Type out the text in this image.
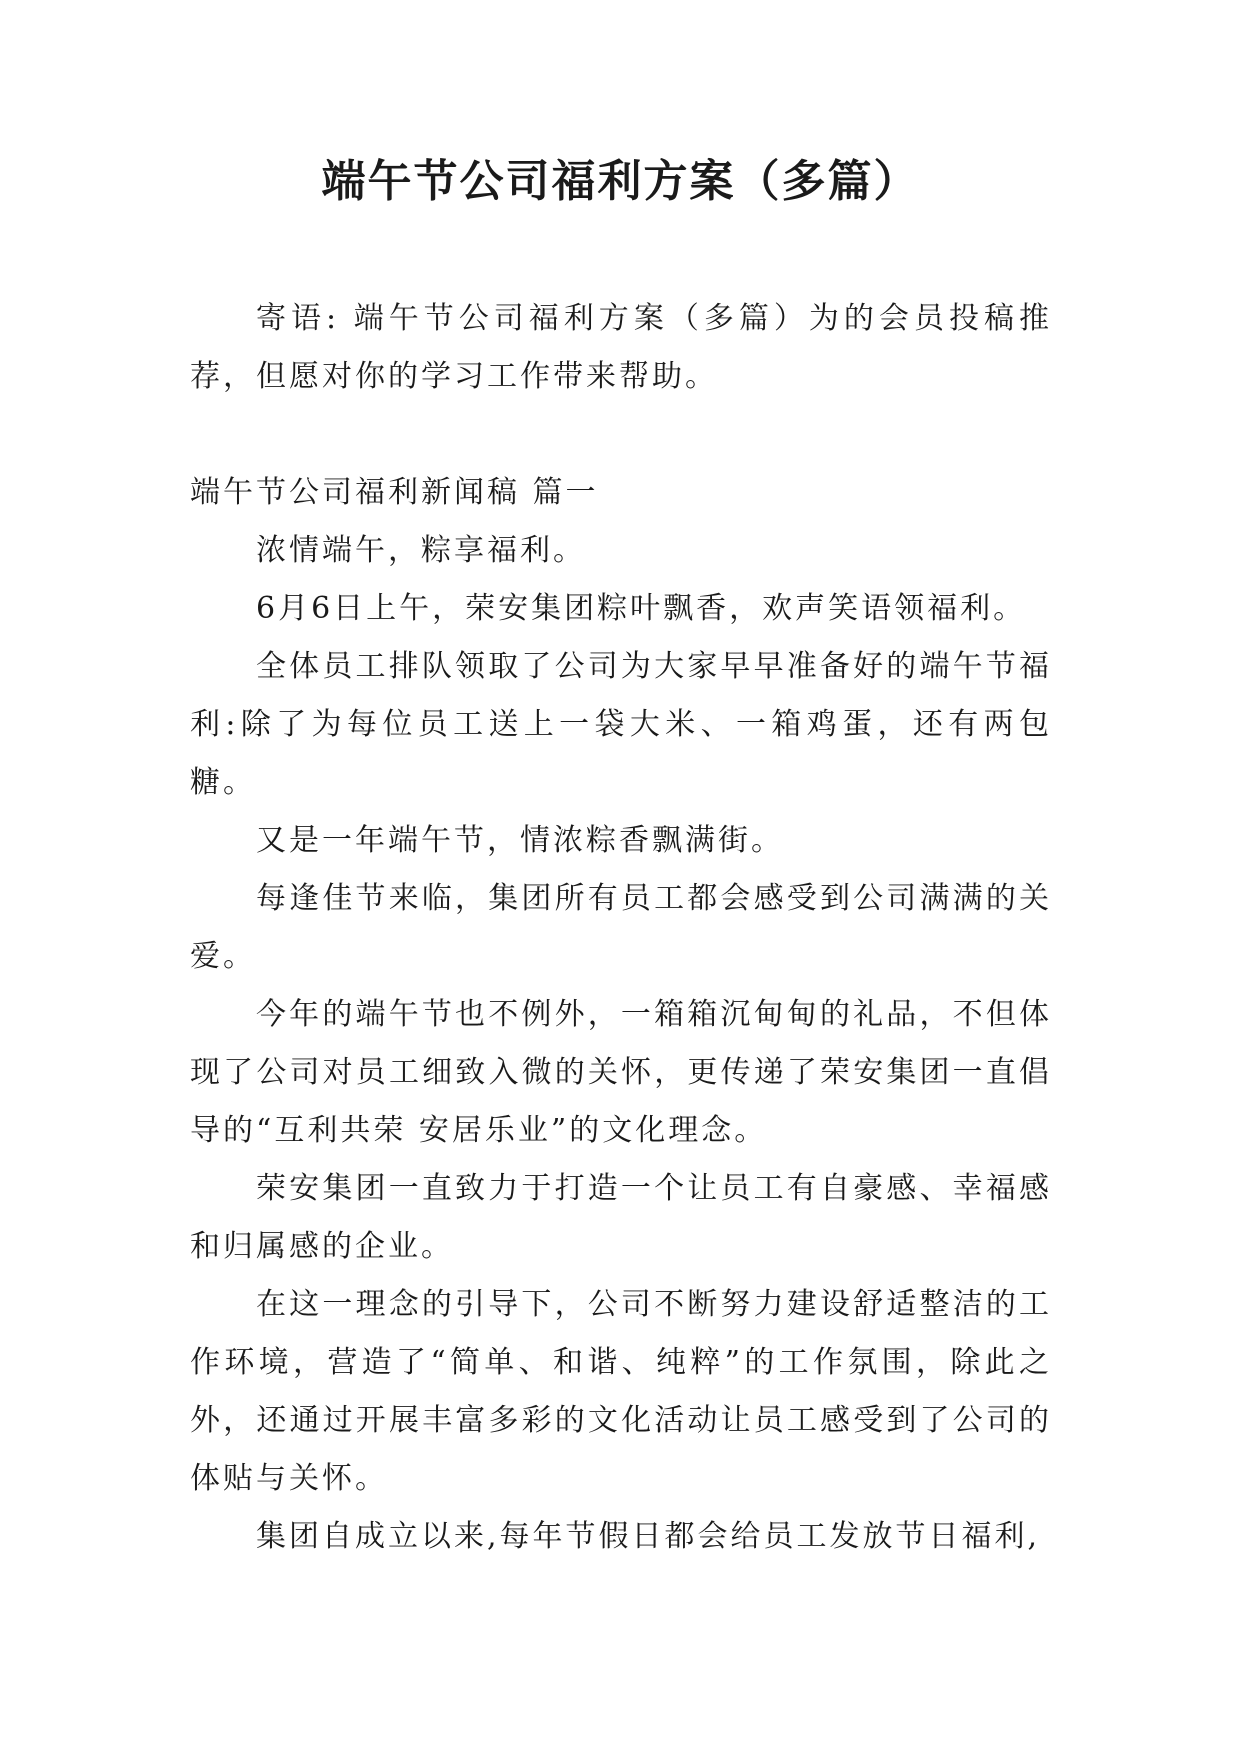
端午节公司福利方案（多篇）

寄语: 端午节公司福利方案（多篇）为的会员投稿推荐，但愿对你的学习工作带来帮助。

端午节公司福利新闻稿 篇一

浓情端午，粽享福利。

6月6日上午，荣安集团粽叶飘香，欢声笑语领福利。

全体员工排队领取了公司为大家早早准备好的端午节福利:除了为每位员工送上一袋大米、一箱鸡蛋，还有两包糖。

又是一年端午节，情浓粽香飘满街。

每逢佳节来临，集团所有员工都会感受到公司满满的关爱。

今年的端午节也不例外，一箱箱沉甸甸的礼品，不但体现了公司对员工细致入微的关怀，更传递了荣安集团一直倡导的“互利共荣 安居乐业”的文化理念。

荣安集团一直致力于打造一个让员工有自豪感、幸福感和归属感的企业。

在这一理念的引导下，公司不断努力建设舒适整洁的工作环境，营造了“简单、和谐、纯粹”的工作氛围，除此之外，还通过开展丰富多彩的文化活动让员工感受到了公司的体贴与关怀。

集团自成立以来,每年节假日都会给员工发放节日福利,
